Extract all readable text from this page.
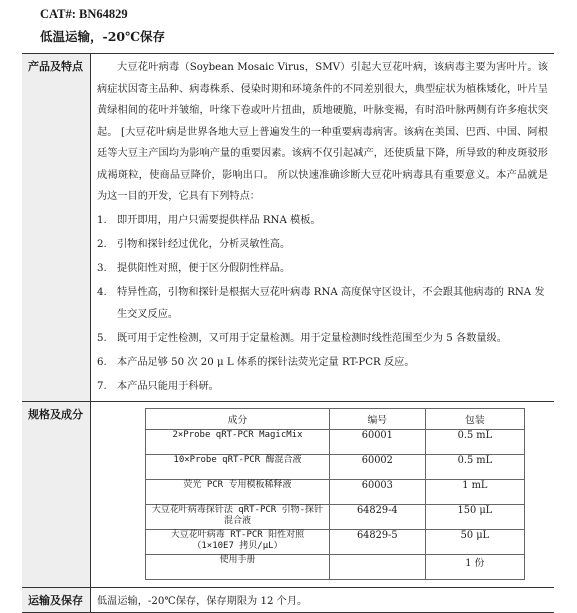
CAT#: BN64829
低温运输，-20℃保存
产品及特点	大豆花叶病毒（Soybean Mosaic Virus，SMV）引起大豆花叶病，该病毒主要为害叶片。该病症状因寄主品种、病毒株系、侵染时期和环境条件的不同差别很大，典型症状为植株矮化，叶片呈黄绿相间的花叶并皱缩，叶缘下卷或叶片扭曲，质地硬脆，叶脉变褐，有时沿叶脉两侧有许多疱状突起。 [大豆花叶病是世界各地大豆上普遍发生的一种重要病毒病害。该病在美国、巴西、中国、阿根廷等大豆主产国均为影响产量的重要因素。该病不仅引起减产，还使质量下降，所导致的种皮斑驳形成褐斑粒，使商品豆降价，影响出口。 所以快速准确诊断大豆花叶病毒具有重要意义。本产品就是为这一目的开发，它具有下列特点：

1.	即开即用，用户只需要提供样品 RNA 模板。
2.	引物和探针经过优化，分析灵敏性高。
3.	提供阳性对照，便于区分假阴性样品。
4.	特异性高，引物和探针是根据大豆花叶病毒 RNA 高度保守区设计，不会跟其他病毒的 RNA 发生交叉反应。
5.	既可用于定性检测，又可用于定量检测。用于定量检测时线性范围至少为 5 各数量级。
6.	本产品足够 50 次 20 μ L 体系的探针法荧光定量 RT-PCR 反应。
7.	本产品只能用于科研。

规格及成分		成分	编号	包装
2×Probe qRT-PCR MagicMix	60001	0.5 mL
10×Probe qRT-PCR 酶混合液	60002	0.5 mL
荧光 PCR 专用模板稀释液	60003	1 mL
大豆花叶病毒探针法 qRT-PCR 引物-探针混合液	64829-4	150 μL
大豆花叶病毒 RT-PCR 阳性对照 （1×10E7 拷贝/μL）	64829-5	50 μL
使用手册		1 份

运输及保存	低温运输，-20℃保存，保存期限为 12 个月。
